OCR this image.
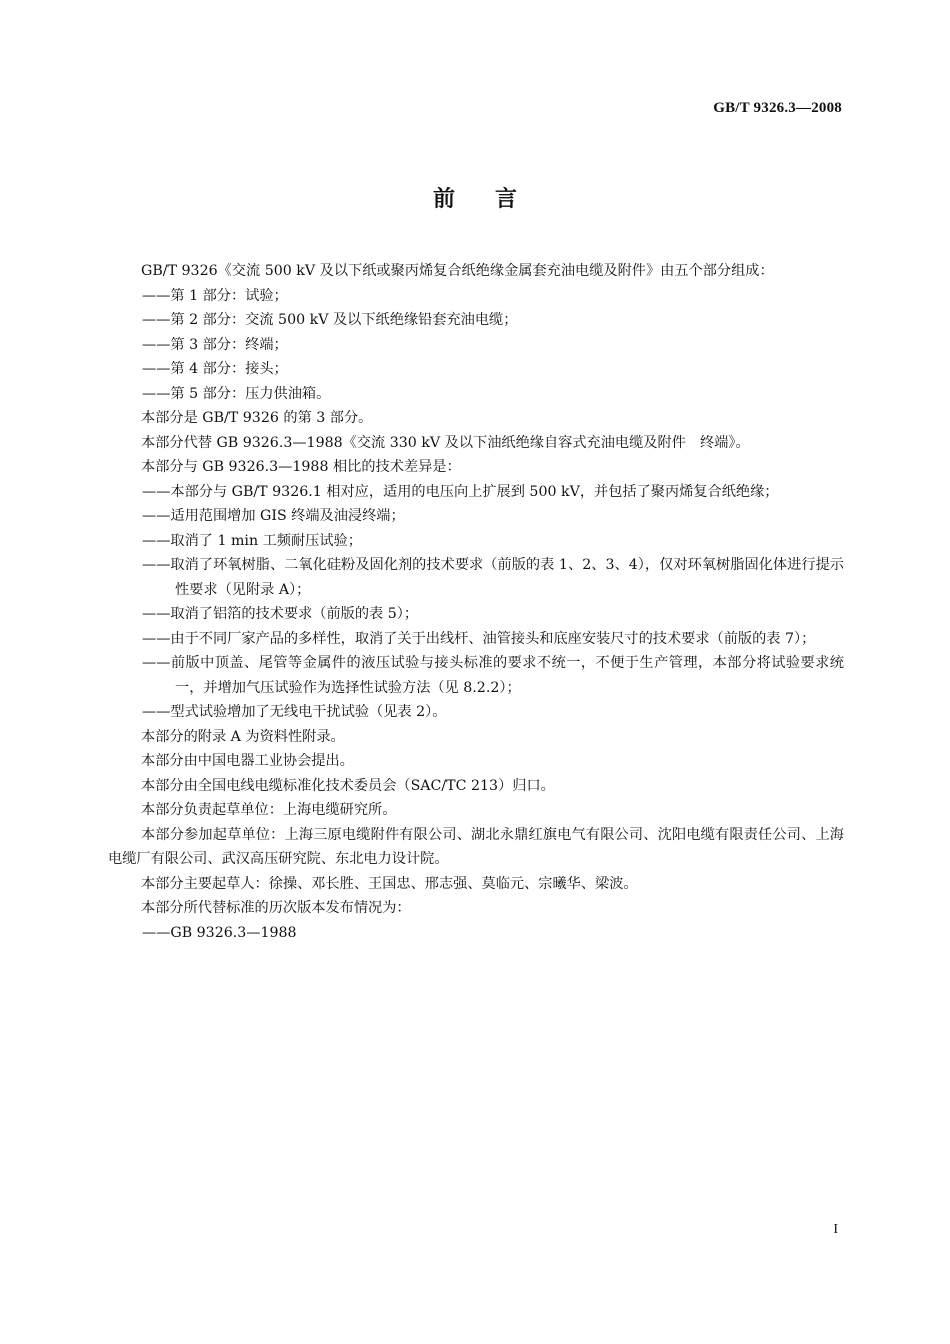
GB/T 9326.3—2008
前言

GB/T 9326《交流 500 kV 及以下纸或聚丙烯复合纸绝缘金属套充油电缆及附件》由五个部分组成：

——第 1 部分：试验；

——第 2 部分：交流 500 kV 及以下纸绝缘铅套充油电缆；

——第 3 部分：终端；

——第 4 部分：接头；

——第 5 部分：压力供油箱。

本部分是 GB/T 9326 的第 3 部分。

本部分代替 GB 9326.3—1988《交流 330 kV 及以下油纸绝缘自容式充油电缆及附件　终端》。

本部分与 GB 9326.3—1988 相比的技术差异是：

——本部分与 GB/T 9326.1 相对应，适用的电压向上扩展到 500 kV，并包括了聚丙烯复合纸绝缘；

——适用范围增加 GIS 终端及油浸终端；

——取消了 1 min 工频耐压试验；

——取消了环氧树脂、二氧化硅粉及固化剂的技术要求（前版的表 1、2、3、4），仅对环氧树脂固化体进行提示性要求（见附录 A）；

——取消了铝箔的技术要求（前版的表 5）；

——由于不同厂家产品的多样性，取消了关于出线杆、油管接头和底座安装尺寸的技术要求（前版的表 7）；

——前版中顶盖、尾管等金属件的液压试验与接头标准的要求不统一，不便于生产管理，本部分将试验要求统一，并增加气压试验作为选择性试验方法（见 8.2.2）；

——型式试验增加了无线电干扰试验（见表 2）。

本部分的附录 A 为资料性附录。

本部分由中国电器工业协会提出。

本部分由全国电线电缆标准化技术委员会（SAC/TC 213）归口。

本部分负责起草单位：上海电缆研究所。

本部分参加起草单位：上海三原电缆附件有限公司、湖北永鼎红旗电气有限公司、沈阳电缆有限责任公司、上海电缆厂有限公司、武汉高压研究院、东北电力设计院。

本部分主要起草人：徐操、邓长胜、王国忠、邢志强、莫临元、宗曦华、梁波。

本部分所代替标准的历次版本发布情况为：

——GB 9326.3—1988

I
